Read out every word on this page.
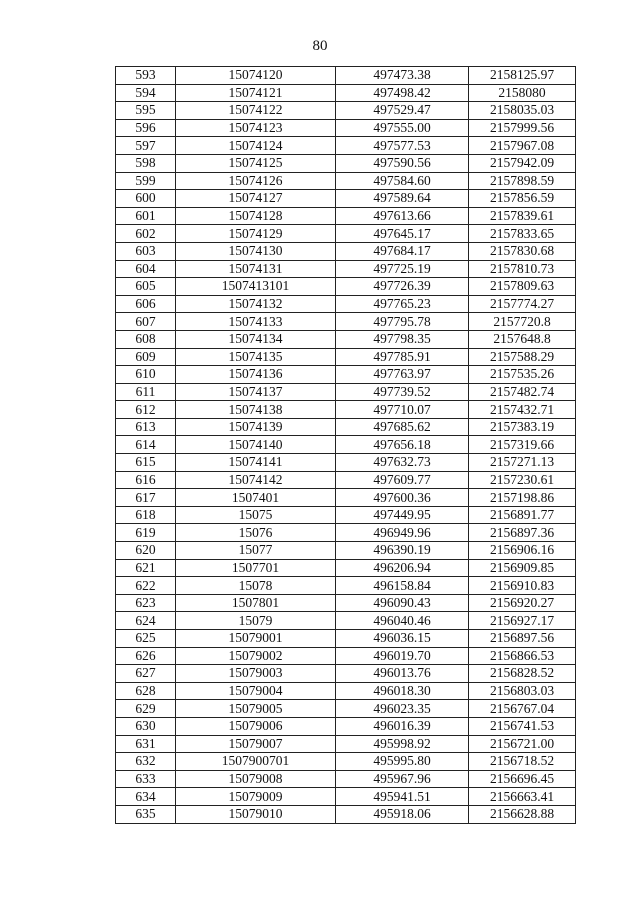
80
593	15074120	497473.38	2158125.97
594	15074121	497498.42	2158080
595	15074122	497529.47	2158035.03
596	15074123	497555.00	2157999.56
597	15074124	497577.53	2157967.08
598	15074125	497590.56	2157942.09
599	15074126	497584.60	2157898.59
600	15074127	497589.64	2157856.59
601	15074128	497613.66	2157839.61
602	15074129	497645.17	2157833.65
603	15074130	497684.17	2157830.68
604	15074131	497725.19	2157810.73
605	1507413101	497726.39	2157809.63
606	15074132	497765.23	2157774.27
607	15074133	497795.78	2157720.8
608	15074134	497798.35	2157648.8
609	15074135	497785.91	2157588.29
610	15074136	497763.97	2157535.26
611	15074137	497739.52	2157482.74
612	15074138	497710.07	2157432.71
613	15074139	497685.62	2157383.19
614	15074140	497656.18	2157319.66
615	15074141	497632.73	2157271.13
616	15074142	497609.77	2157230.61
617	1507401	497600.36	2157198.86
618	15075	497449.95	2156891.77
619	15076	496949.96	2156897.36
620	15077	496390.19	2156906.16
621	1507701	496206.94	2156909.85
622	15078	496158.84	2156910.83
623	1507801	496090.43	2156920.27
624	15079	496040.46	2156927.17
625	15079001	496036.15	2156897.56
626	15079002	496019.70	2156866.53
627	15079003	496013.76	2156828.52
628	15079004	496018.30	2156803.03
629	15079005	496023.35	2156767.04
630	15079006	496016.39	2156741.53
631	15079007	495998.92	2156721.00
632	1507900701	495995.80	2156718.52
633	15079008	495967.96	2156696.45
634	15079009	495941.51	2156663.41
635	15079010	495918.06	2156628.88
